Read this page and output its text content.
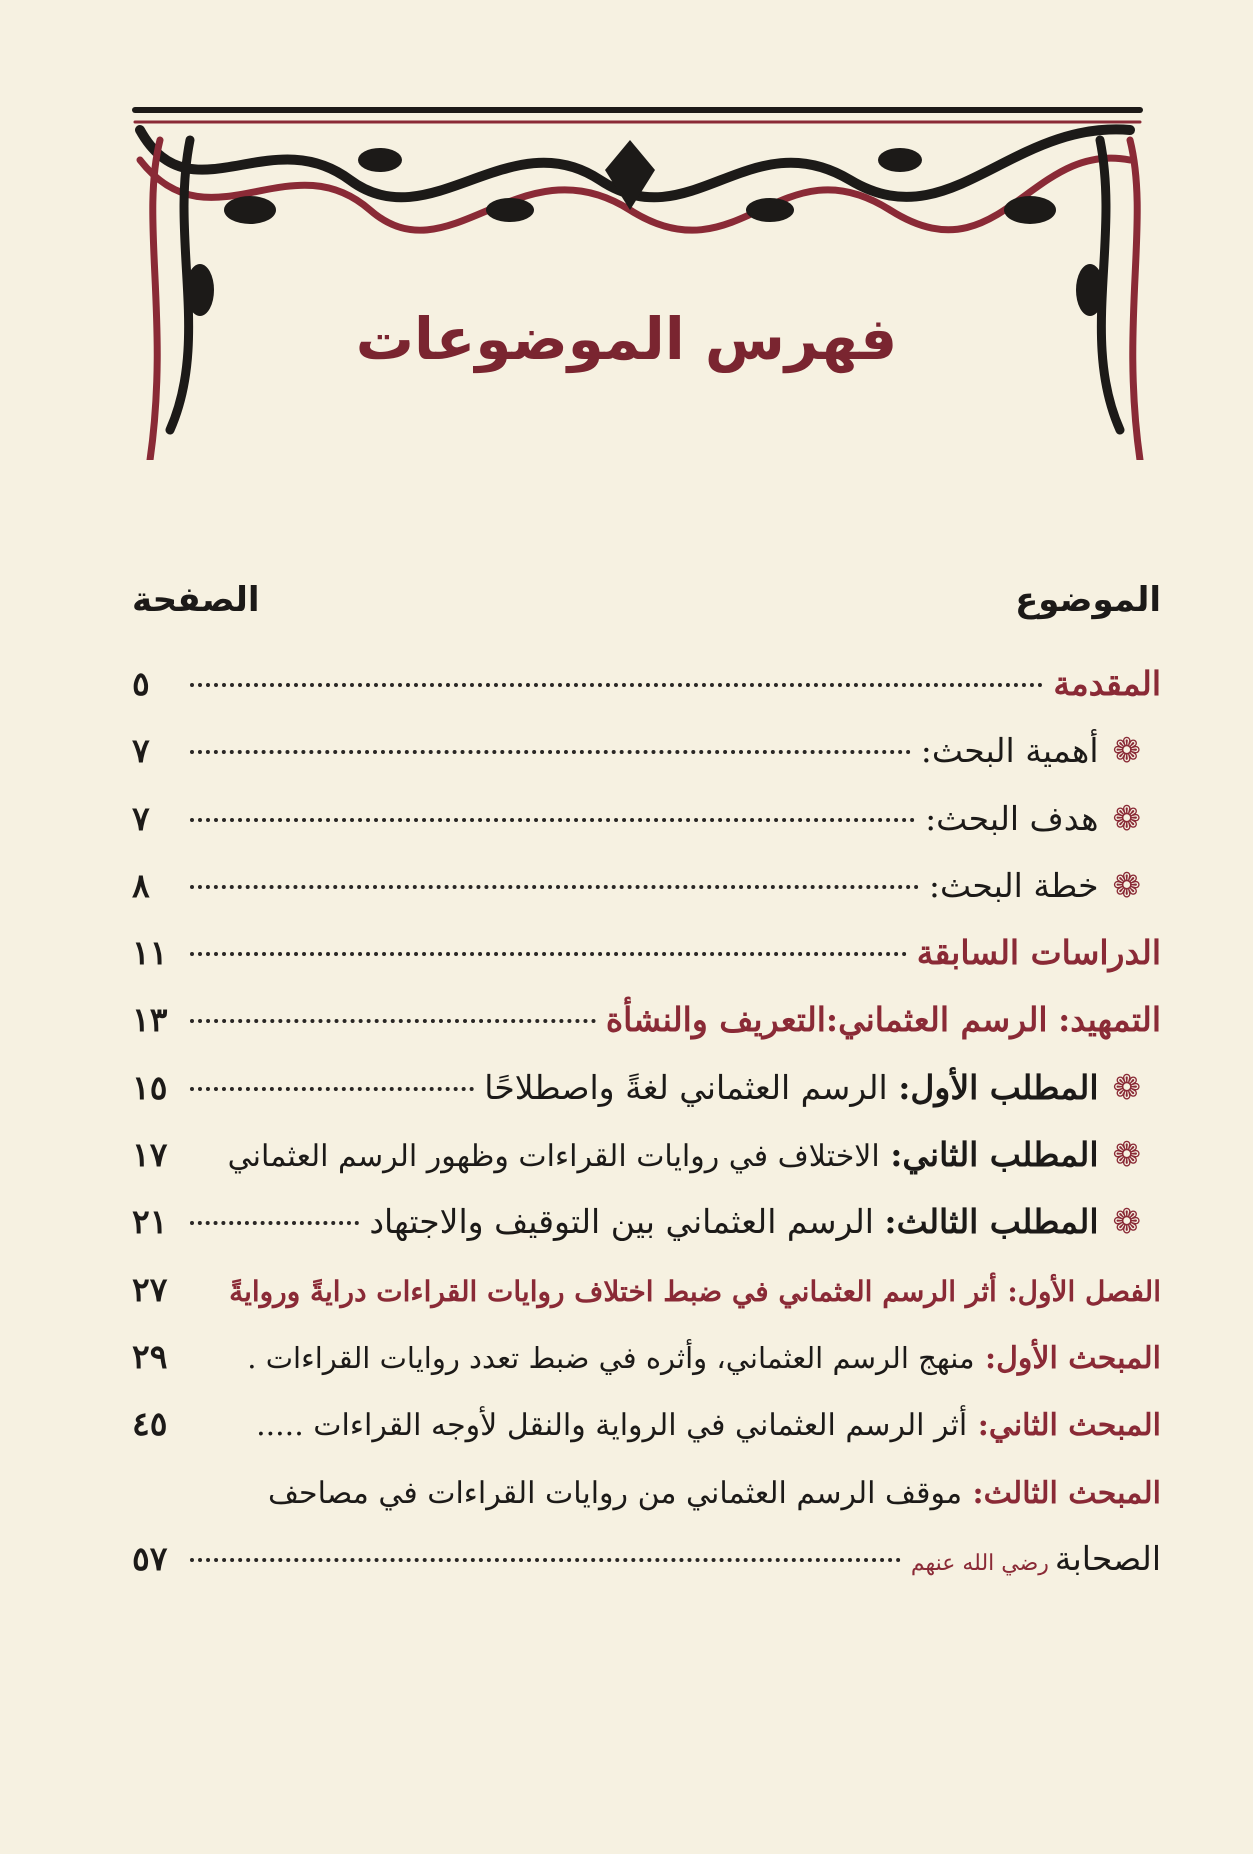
فهرس الموضوعات
الموضوع
الصفحة
المقدمة
٥
❁
أهمية البحث:
٧
❁
هدف البحث:
٧
❁
خطة البحث:
٨
الدراسات السابقة
١١
التمهيد:

الرسم العثماني:التعريف والنشأة
١٣
❁
المطلب الأول:

الرسم العثماني لغةً واصطلاحًا
١٥
❁
المطلب الثاني:

الاختلاف في روايات القراءات وظهور الرسم العثماني
١٧
❁
المطلب الثالث:

الرسم العثماني بين التوقيف والاجتهاد
٢١
الفصل الأول:

أثر الرسم العثماني في ضبط اختلاف روايات القراءات درايةً وروايةً
٢٧
المبحث الأول:

منهج الرسم العثماني، وأثره في ضبط تعدد روايات القراءات .
٢٩
المبحث الثاني:

أثر الرسم العثماني في الرواية والنقل لأوجه القراءات .....
٤٥
المبحث الثالث:

موقف الرسم العثماني من روايات القراءات في مصاحف
الصحابة
رضي الله عنهم
٥٧
